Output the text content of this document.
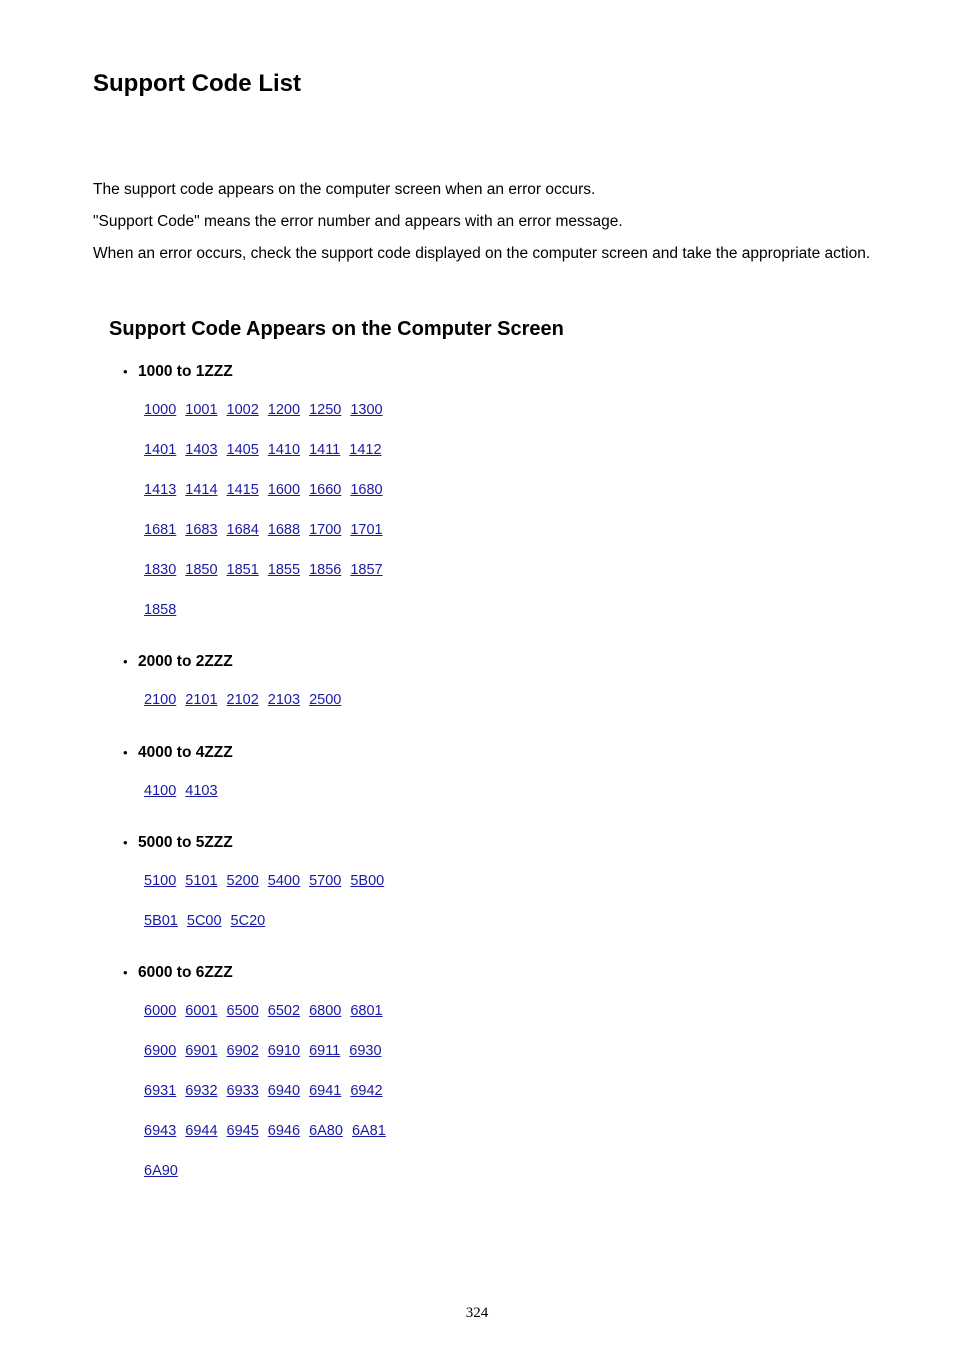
Support Code List

The support code appears on the computer screen when an error occurs.

"Support Code" means the error number and appears with an error message.

When an error occurs, check the support code displayed on the computer screen and take the appropriate action.

Support Code Appears on the Computer Screen
• 1000 to 1ZZZ
1000 1001 1002 1200 1250 1300
1401 1403 1405 1410 1411 1412
1413 1414 1415 1600 1660 1680
1681 1683 1684 1688 1700 1701
1830 1850 1851 1855 1856 1857
1858
• 2000 to 2ZZZ
2100 2101 2102 2103 2500
• 4000 to 4ZZZ
4100 4103
• 5000 to 5ZZZ
5100 5101 5200 5400 5700 5B00
5B01 5C00 5C20
• 6000 to 6ZZZ
6000 6001 6500 6502 6800 6801
6900 6901 6902 6910 6911 6930
6931 6932 6933 6940 6941 6942
6943 6944 6945 6946 6A80 6A81
6A90
324
